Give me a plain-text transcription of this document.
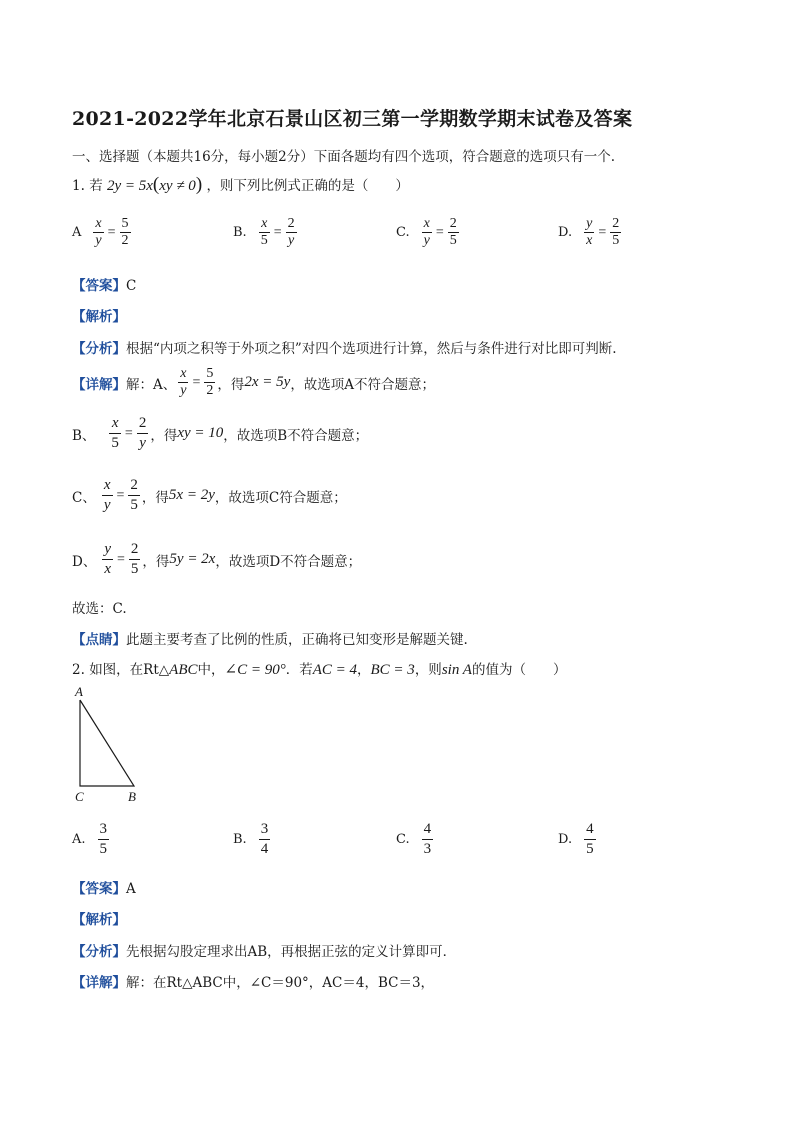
2021-2022学年北京石景山区初三第一学期数学期末试卷及答案
一、选择题（本题共16分，每小题2分）下面各题均有四个选项，符合题意的选项只有一个.
1. 若 2y = 5x(xy ≠ 0) ，则下列比例式正确的是（　　）
A $\frac{x}{y} = \frac{5}{2}$	B. $\frac{x}{5} = \frac{2}{y}$	C. $\frac{x}{y} = \frac{2}{5}$	D. $\frac{y}{x} = \frac{2}{5}$
【答案】C
【解析】
【分析】根据“内项之积等于外项之积”对四个选项进行计算，然后与条件进行对比即可判断.
【详解】 解：A、 $\frac{x}{y} = \frac{5}{2}$ ，得 2x = 5y ，故选项A不符合题意；
B、 $\frac{x}{5} = \frac{2}{y}$ ，得 xy = 10 ，故选项B不符合题意；
C、 $\frac{x}{y} = \frac{2}{5}$ ，得 5x = 2y ，故选项C符合题意；
D、 $\frac{y}{x} = \frac{2}{5}$ ，得 5y = 2x ，故选项D不符合题意；
故选：C.
【点睛】此题主要考查了比例的性质，正确将已知变形是解题关键.
2. 如图，在Rt△ABC中，∠C = 90°．若AC = 4，BC = 3，则sin A的值为（　　）
A
C	B
A. $\frac{3}{5}$	B. $\frac{3}{4}$	C. $\frac{4}{3}$	D. $\frac{4}{5}$
【答案】A
【解析】
【分析】先根据勾股定理求出AB，再根据正弦的定义计算即可．
【详解】解：在Rt△ABC中，∠C＝90°，AC＝4，BC＝3，
